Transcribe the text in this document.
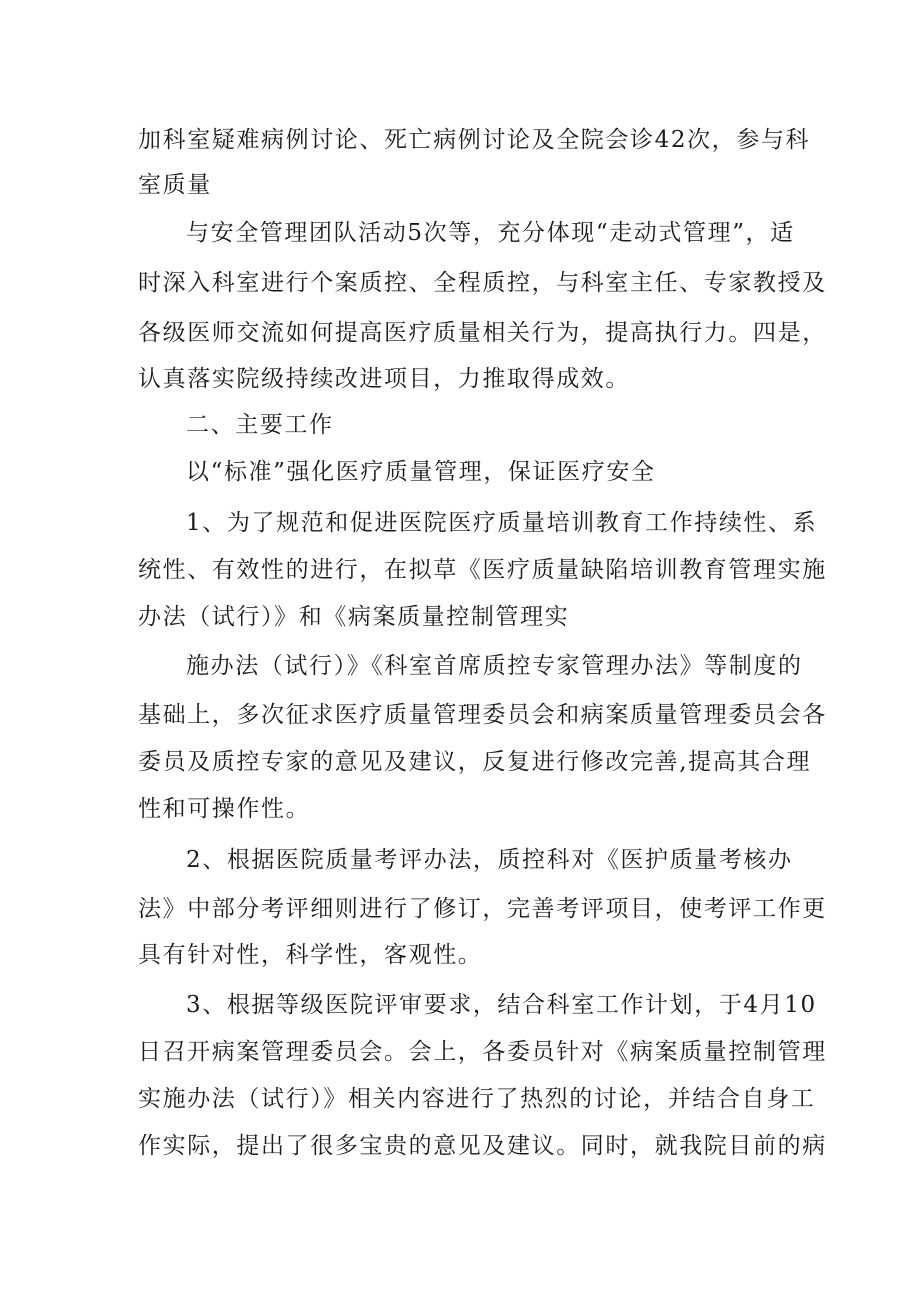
加科室疑难病例讨论、死亡病例讨论及全院会诊42次，参与科
室质量
与安全管理团队活动5次等，充分体现“走动式管理”，适
时深入科室进行个案质控、全程质控，与科室主任、专家教授及
各级医师交流如何提高医疗质量相关行为，提高执行力。四是，
认真落实院级持续改进项目，力推取得成效。
二、主要工作
以“标准”强化医疗质量管理，保证医疗安全
1、为了规范和促进医院医疗质量培训教育工作持续性、系
统性、有效性的进行，在拟草《医疗质量缺陷培训教育管理实施
办法（试行）》和《病案质量控制管理实
施办法（试行）》《科室首席质控专家管理办法》等制度的
基础上，多次征求医疗质量管理委员会和病案质量管理委员会各
委员及质控专家的意见及建议，反复进行修改完善,提高其合理
性和可操作性。
2、根据医院质量考评办法，质控科对《医护质量考核办
法》中部分考评细则进行了修订，完善考评项目，使考评工作更
具有针对性，科学性，客观性。
3、根据等级医院评审要求，结合科室工作计划，于4月10
日召开病案管理委员会。会上，各委员针对《病案质量控制管理
实施办法（试行）》相关内容进行了热烈的讨论，并结合自身工
作实际，提出了很多宝贵的意见及建议。同时，就我院目前的病
